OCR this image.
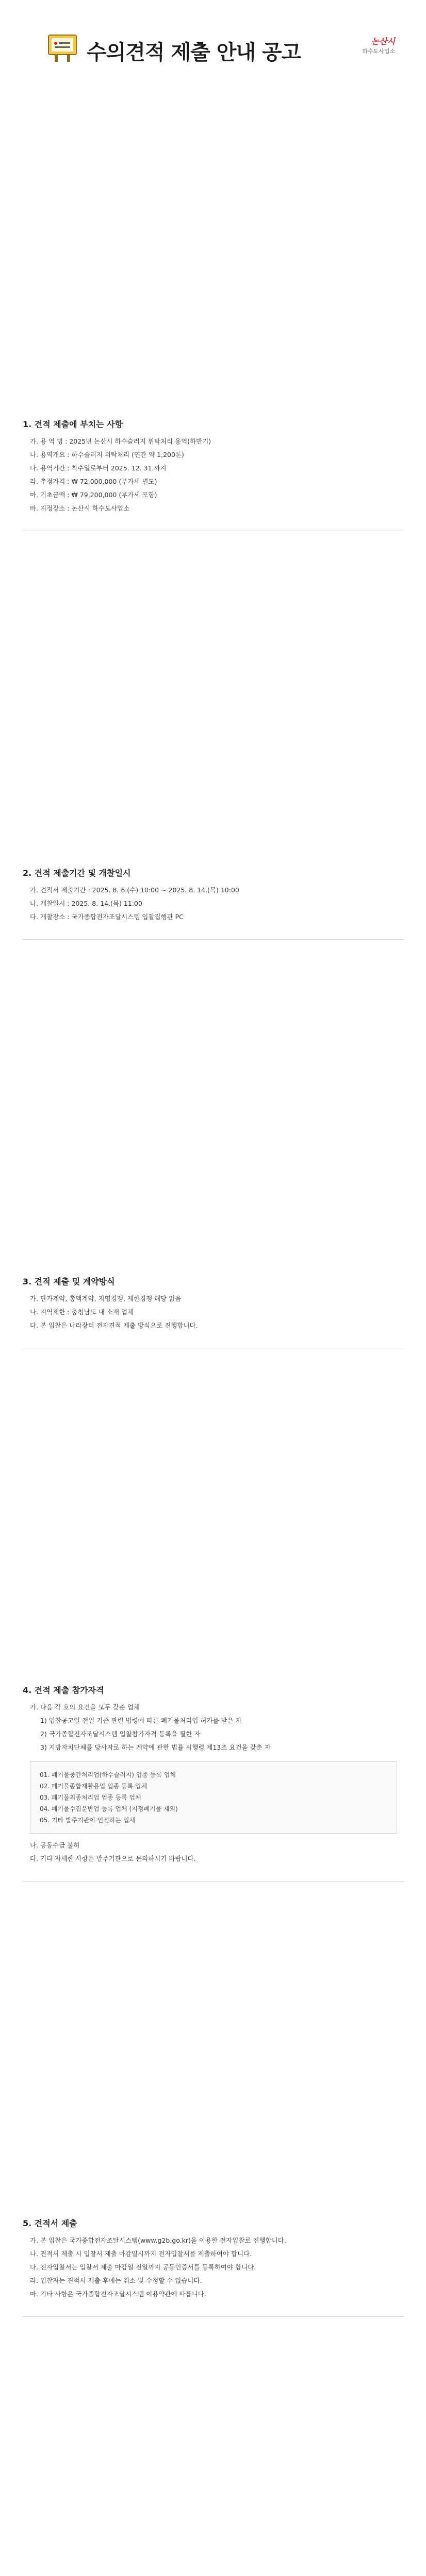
수의견적 제출 안내 공고	논산시
하수도사업소
1. 견적 제출에 부치는 사항
가. 용 역 명 : 2025년 논산시 하수슬러지 위탁처리 용역(하반기)
나. 용역개요 : 하수슬러지 위탁처리 (연간 약 1,200톤)
다. 용역기간 : 착수일로부터 2025. 12. 31.까지
라. 추정가격 : ₩ 72,000,000 (부가세 별도)
마. 기초금액 : ₩ 79,200,000 (부가세 포함)
바. 지정장소 : 논산시 하수도사업소
2. 견적 제출기간 및 개찰일시
가. 견적서 제출기간 : 2025. 8. 6.(수) 10:00 ~ 2025. 8. 14.(목) 10:00
나. 개찰일시 : 2025. 8. 14.(목) 11:00
다. 개찰장소 : 국가종합전자조달시스템 입찰집행관 PC
3. 견적 제출 및 계약방식
가. 단가계약, 총액계약, 지명경쟁, 제한경쟁 해당 없음
나. 지역제한 : 충청남도 내 소재 업체
다. 본 입찰은 나라장터 전자견적 제출 방식으로 진행합니다.
4. 견적 제출 참가자격
가. 다음 각 호의 요건을 모두 갖춘 업체
1) 입찰공고일 전일 기준 관련 법령에 따른 폐기물처리업 허가를 받은 자
2) 국가종합전자조달시스템 입찰참가자격 등록을 필한 자
3) 지방자치단체를 당사자로 하는 계약에 관한 법률 시행령 제13조 요건을 갖춘 자
01. 폐기물중간처리업(하수슬러지) 업종 등록 업체
02. 폐기물종합재활용업 업종 등록 업체
03. 폐기물최종처리업 업종 등록 업체
04. 폐기물수집운반업 등록 업체 (지정폐기물 제외)
05. 기타 발주기관이 인정하는 업체
나. 공동수급 불허
다. 기타 자세한 사항은 발주기관으로 문의하시기 바랍니다.
5. 견적서 제출
가. 본 입찰은 국가종합전자조달시스템(www.g2b.go.kr)을 이용한 전자입찰로 진행합니다.
나. 견적서 제출 시 입찰서 제출 마감일시까지 전자입찰서를 제출하여야 합니다.
다. 전자입찰서는 입찰서 제출 마감일 전일까지 공동인증서를 등록하여야 합니다.
라. 입찰자는 견적서 제출 후에는 취소 및 수정할 수 없습니다.
마. 기타 사항은 국가종합전자조달시스템 이용약관에 따릅니다.
